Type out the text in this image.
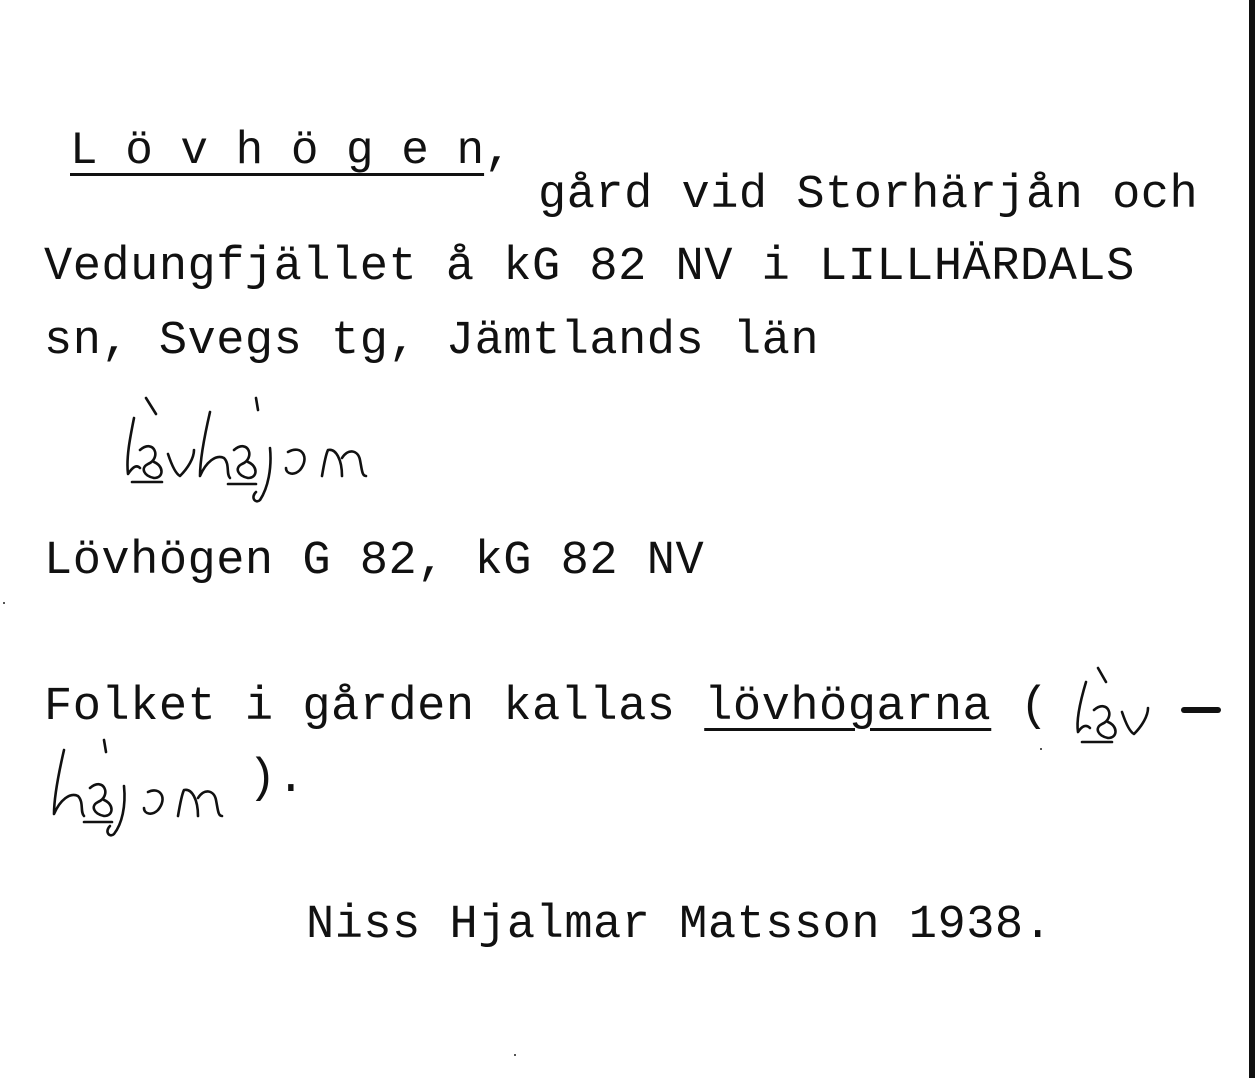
L ö v h ö g e n,
gård vid Storhärjån och
Vedungfjället å kG 82 NV i LILLHÄRDALS
sn, Svegs tg, Jämtlands län
Lövhögen G 82, kG 82 NV
Folket i gården kallas lövhögarna (
).
Niss Hjalmar Matsson 1938.
